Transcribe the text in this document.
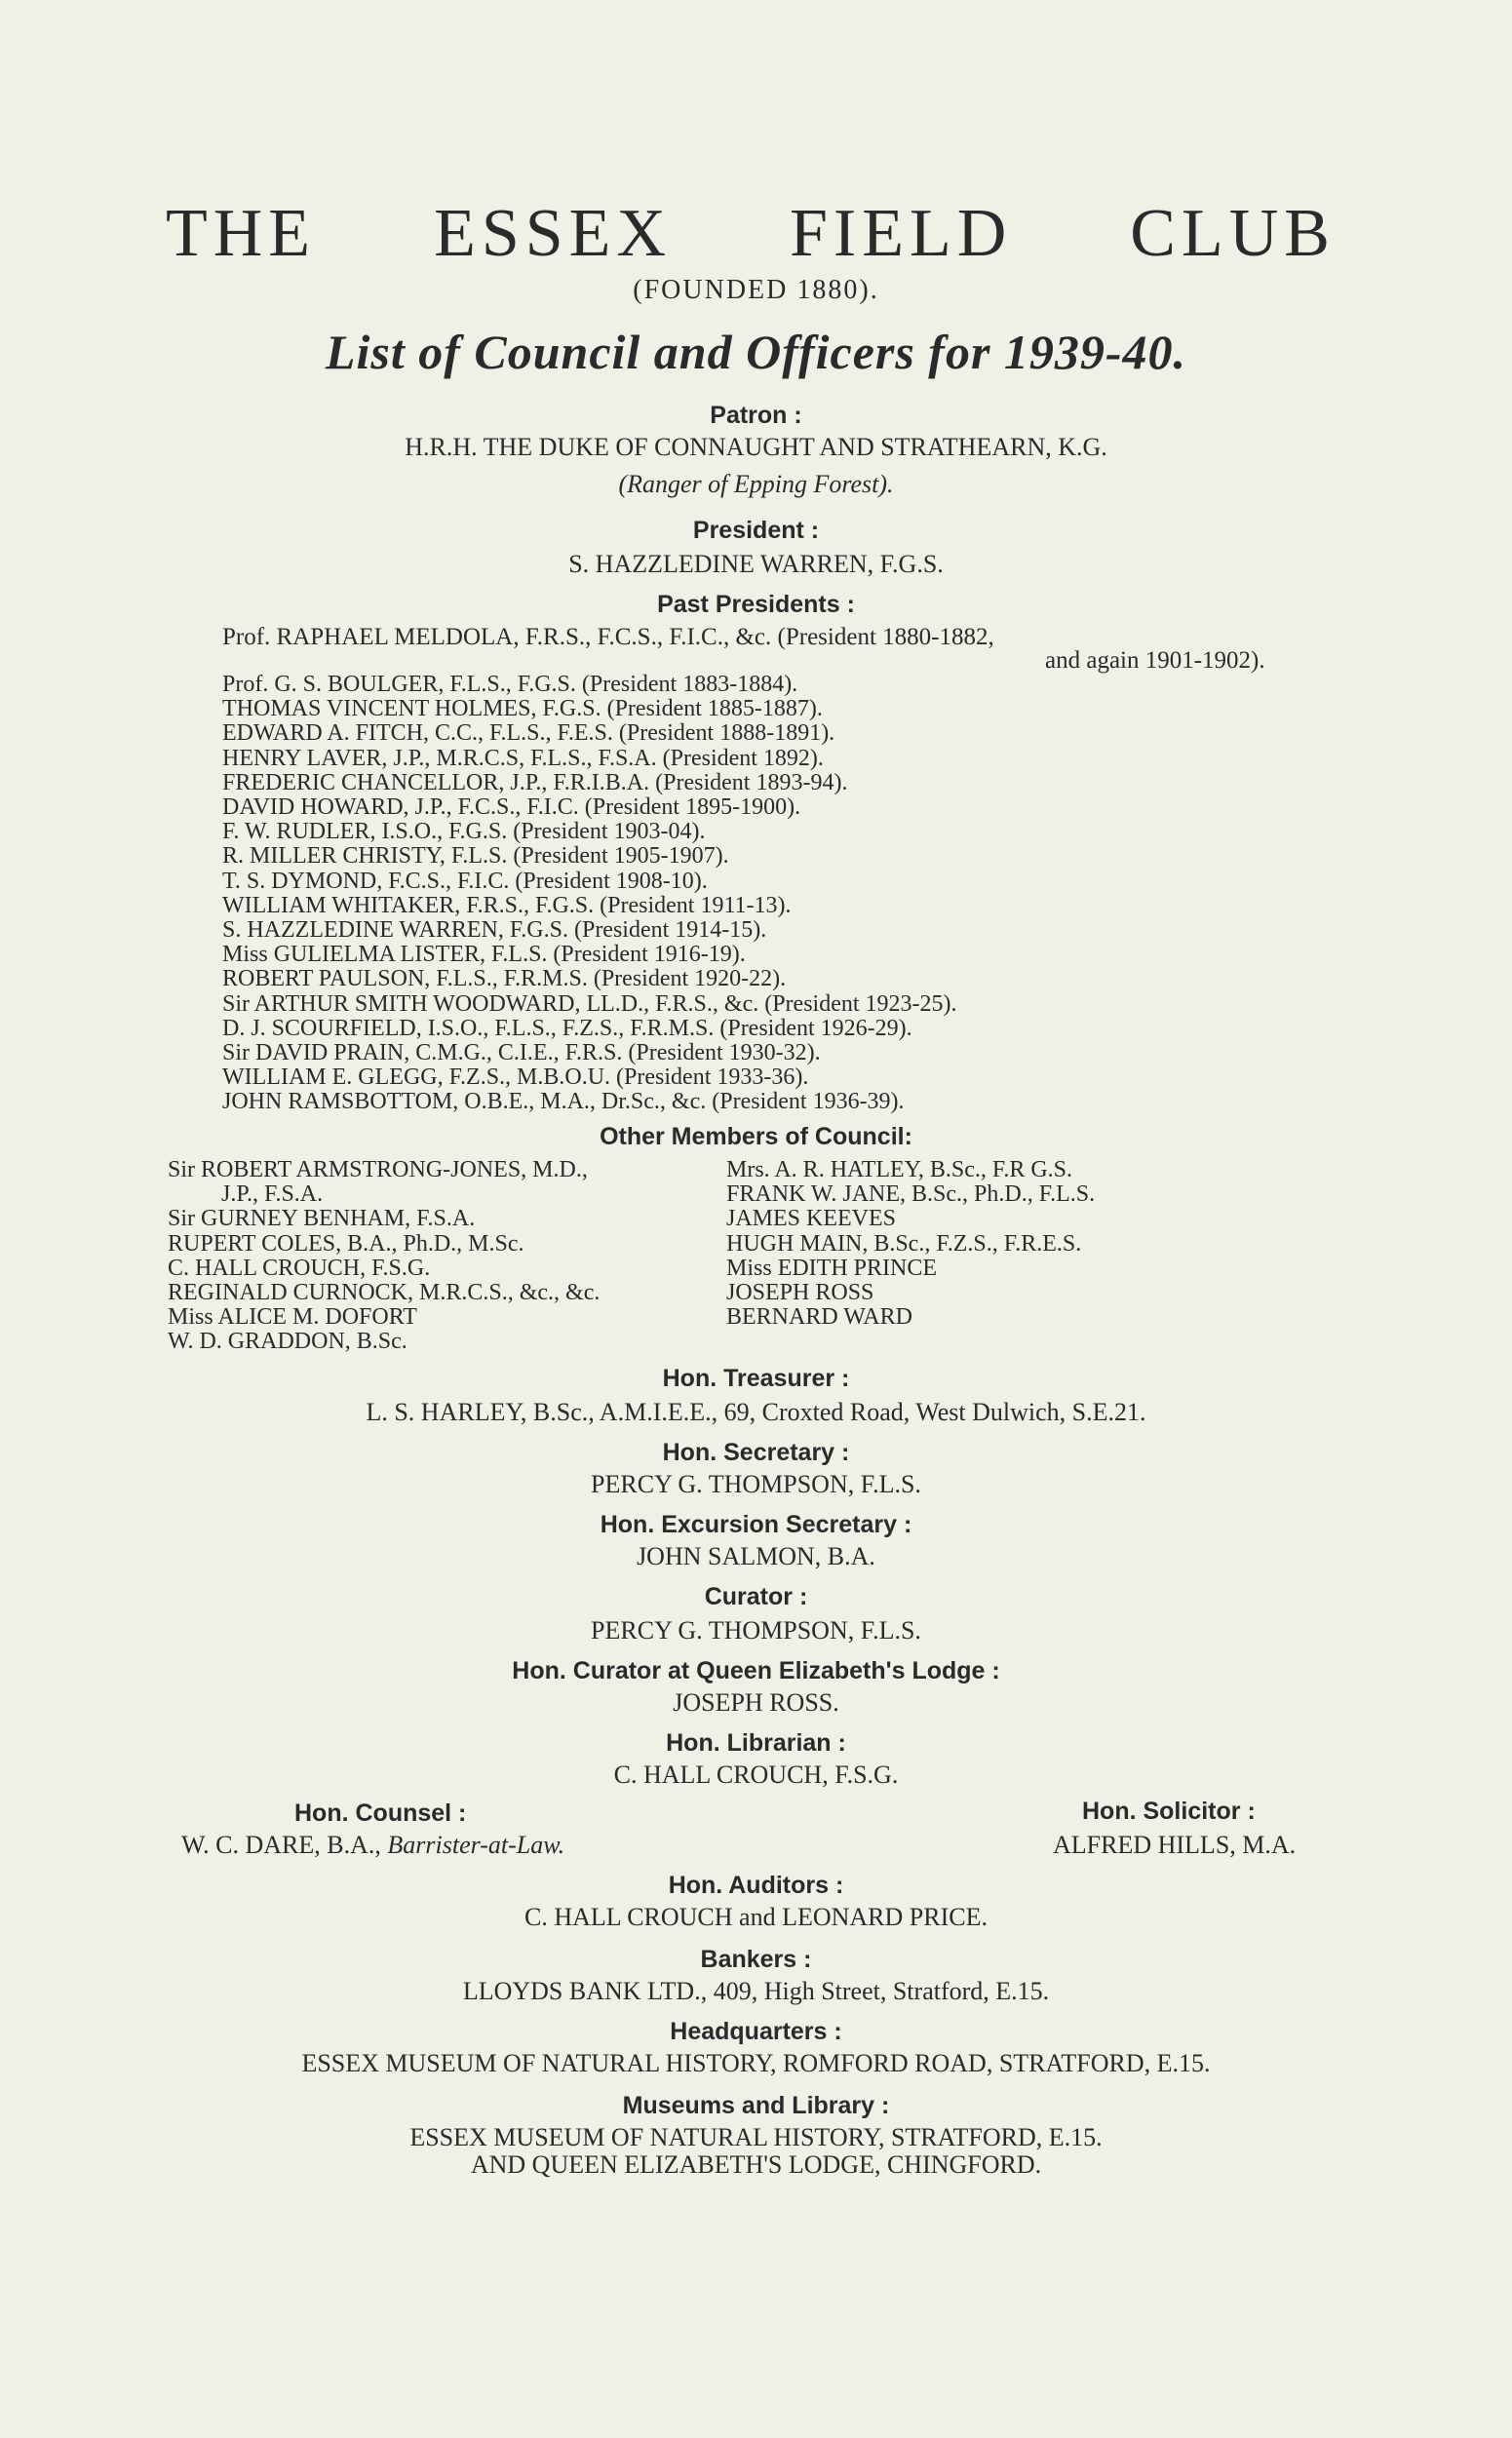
THE ESSEX FIELD CLUB
(FOUNDED 1880).
List of Council and Officers for 1939-40.
Patron :
H.R.H. THE DUKE OF CONNAUGHT AND STRATHEARN, K.G.
(Ranger of Epping Forest).
President :
S. HAZZLEDINE WARREN, F.G.S.
Past Presidents :
Prof. RAPHAEL MELDOLA, F.R.S., F.C.S., F.I.C., &c. (President 1880-1882,
and again 1901-1902).
Prof. G. S. BOULGER, F.L.S., F.G.S. (President 1883-1884).
THOMAS VINCENT HOLMES, F.G.S. (President 1885-1887).
EDWARD A. FITCH, C.C., F.L.S., F.E.S. (President 1888-1891).
HENRY LAVER, J.P., M.R.C.S, F.L.S., F.S.A. (President 1892).
FREDERIC CHANCELLOR, J.P., F.R.I.B.A. (President 1893-94).
DAVID HOWARD, J.P., F.C.S., F.I.C. (President 1895-1900).
F. W. RUDLER, I.S.O., F.G.S. (President 1903-04).
R. MILLER CHRISTY, F.L.S. (President 1905-1907).
T. S. DYMOND, F.C.S., F.I.C. (President 1908-10).
WILLIAM WHITAKER, F.R.S., F.G.S. (President 1911-13).
S. HAZZLEDINE WARREN, F.G.S. (President 1914-15).
Miss GULIELMA LISTER, F.L.S. (President 1916-19).
ROBERT PAULSON, F.L.S., F.R.M.S. (President 1920-22).
Sir ARTHUR SMITH WOODWARD, LL.D., F.R.S., &c. (President 1923-25).
D. J. SCOURFIELD, I.S.O., F.L.S., F.Z.S., F.R.M.S. (President 1926-29).
Sir DAVID PRAIN, C.M.G., C.I.E., F.R.S. (President 1930-32).
WILLIAM E. GLEGG, F.Z.S., M.B.O.U. (President 1933-36).
JOHN RAMSBOTTOM, O.B.E., M.A., Dr.Sc., &c. (President 1936-39).
Other Members of Council:
Sir ROBERT ARMSTRONG-JONES, M.D.,
J.P., F.S.A.
Sir GURNEY BENHAM, F.S.A.
RUPERT COLES, B.A., Ph.D., M.Sc.
C. HALL CROUCH, F.S.G.
REGINALD CURNOCK, M.R.C.S., &c., &c.
Miss ALICE M. DOFORT
W. D. GRADDON, B.Sc.
Mrs. A. R. HATLEY, B.Sc., F.R G.S.
FRANK W. JANE, B.Sc., Ph.D., F.L.S.
JAMES KEEVES
HUGH MAIN, B.Sc., F.Z.S., F.R.E.S.
Miss EDITH PRINCE
JOSEPH ROSS
BERNARD WARD
Hon. Treasurer :
L. S. HARLEY, B.Sc., A.M.I.E.E., 69, Croxted Road, West Dulwich, S.E.21.
Hon. Secretary :
PERCY G. THOMPSON, F.L.S.
Hon. Excursion Secretary :
JOHN SALMON, B.A.
Curator :
PERCY G. THOMPSON, F.L.S.
Hon. Curator at Queen Elizabeth's Lodge :
JOSEPH ROSS.
Hon. Librarian :
C. HALL CROUCH, F.S.G.
Hon. Counsel :
W. C. DARE, B.A., Barrister-at-Law.
Hon. Solicitor :
ALFRED HILLS, M.A.
Hon. Auditors :
C. HALL CROUCH and LEONARD PRICE.
Bankers :
LLOYDS BANK LTD., 409, High Street, Stratford, E.15.
Headquarters :
ESSEX MUSEUM OF NATURAL HISTORY, ROMFORD ROAD, STRATFORD, E.15.
Museums and Library :
ESSEX MUSEUM OF NATURAL HISTORY, STRATFORD, E.15.
AND QUEEN ELIZABETH'S LODGE, CHINGFORD.
